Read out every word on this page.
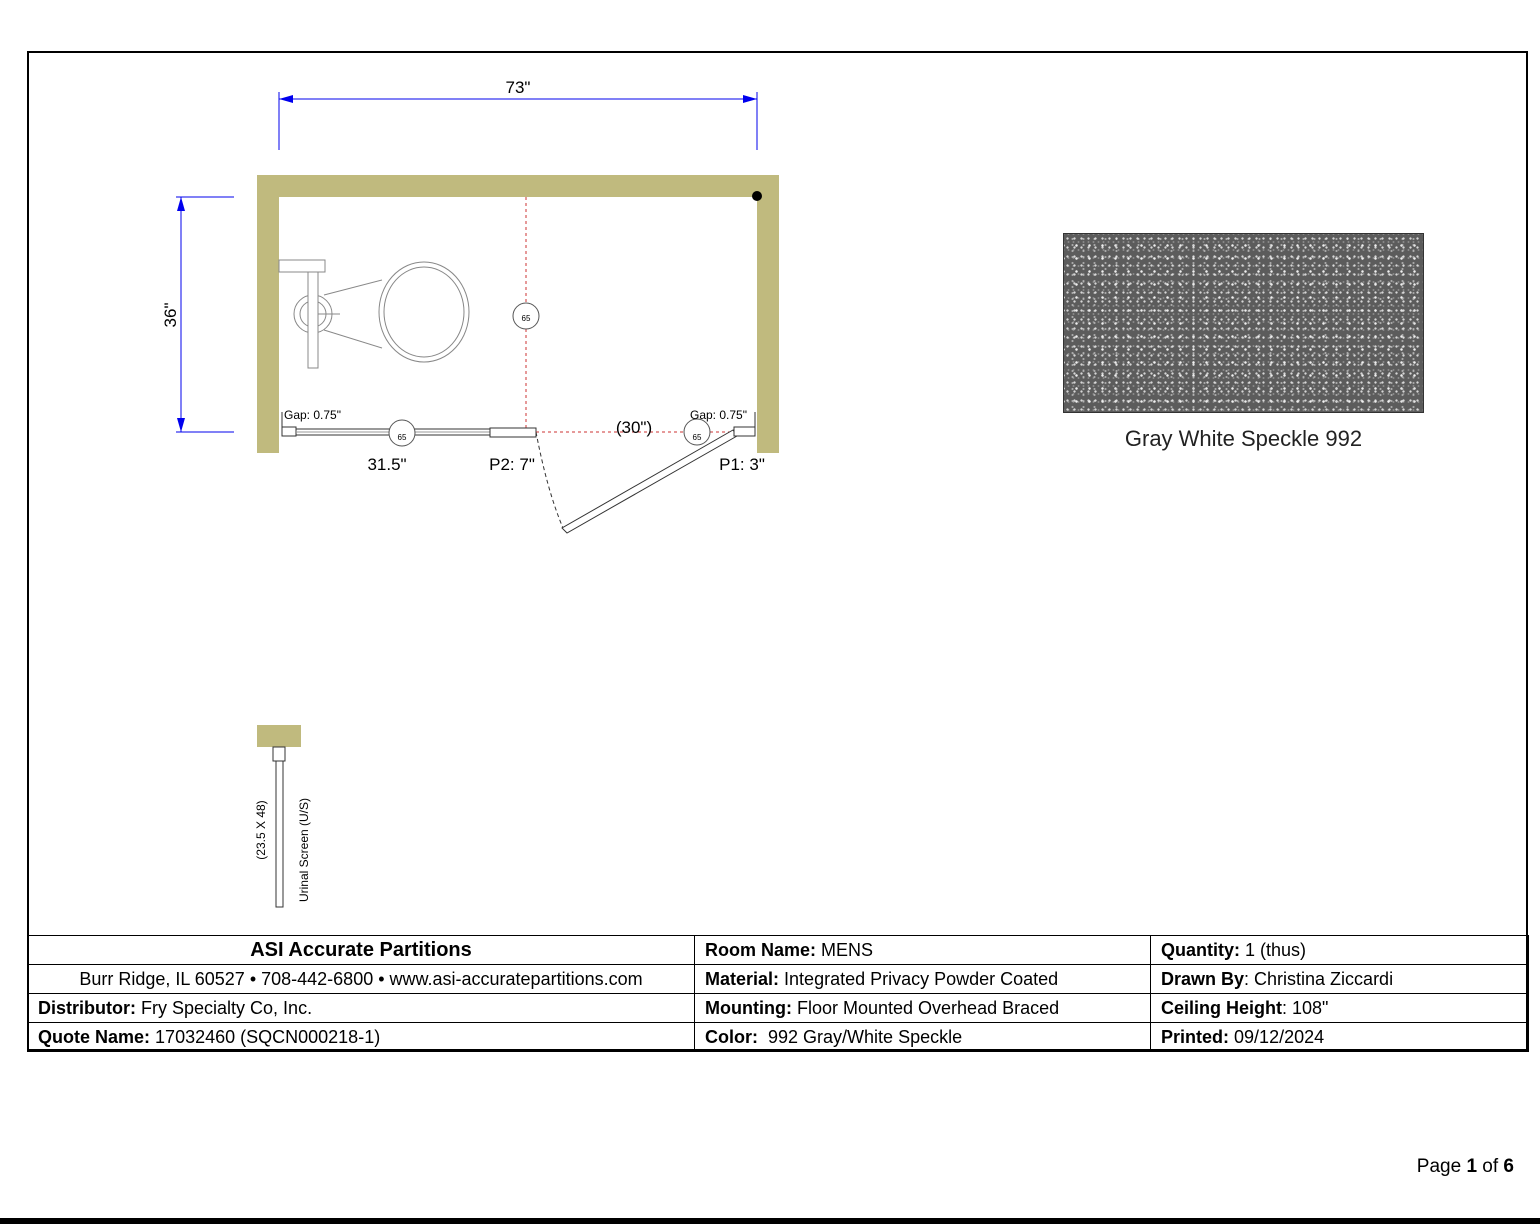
73"
36"	65
65
(30")
65
Gap: 0.75"	Gap: 0.75"
31.5"	P2: 7"	P1: 3"
(23.5 X 48) Urinal Screen (U/S)
Gray White Speckle 992
ASI Accurate Partitions	Room Name: MENS	Quantity: 1 (thus)
Burr Ridge, IL 60527 • 708-442-6800 • www.asi-accuratepartitions.com	Material: Integrated Privacy Powder Coated	Drawn By: Christina Ziccardi
Distributor: Fry Specialty Co, Inc.	Mounting: Floor Mounted Overhead Braced	Ceiling Height: 108"
Quote Name: 17032460 (SQCN000218-1)	Color: 992 Gray/White Speckle	Printed: 09/12/2024
Page 1 of 6
